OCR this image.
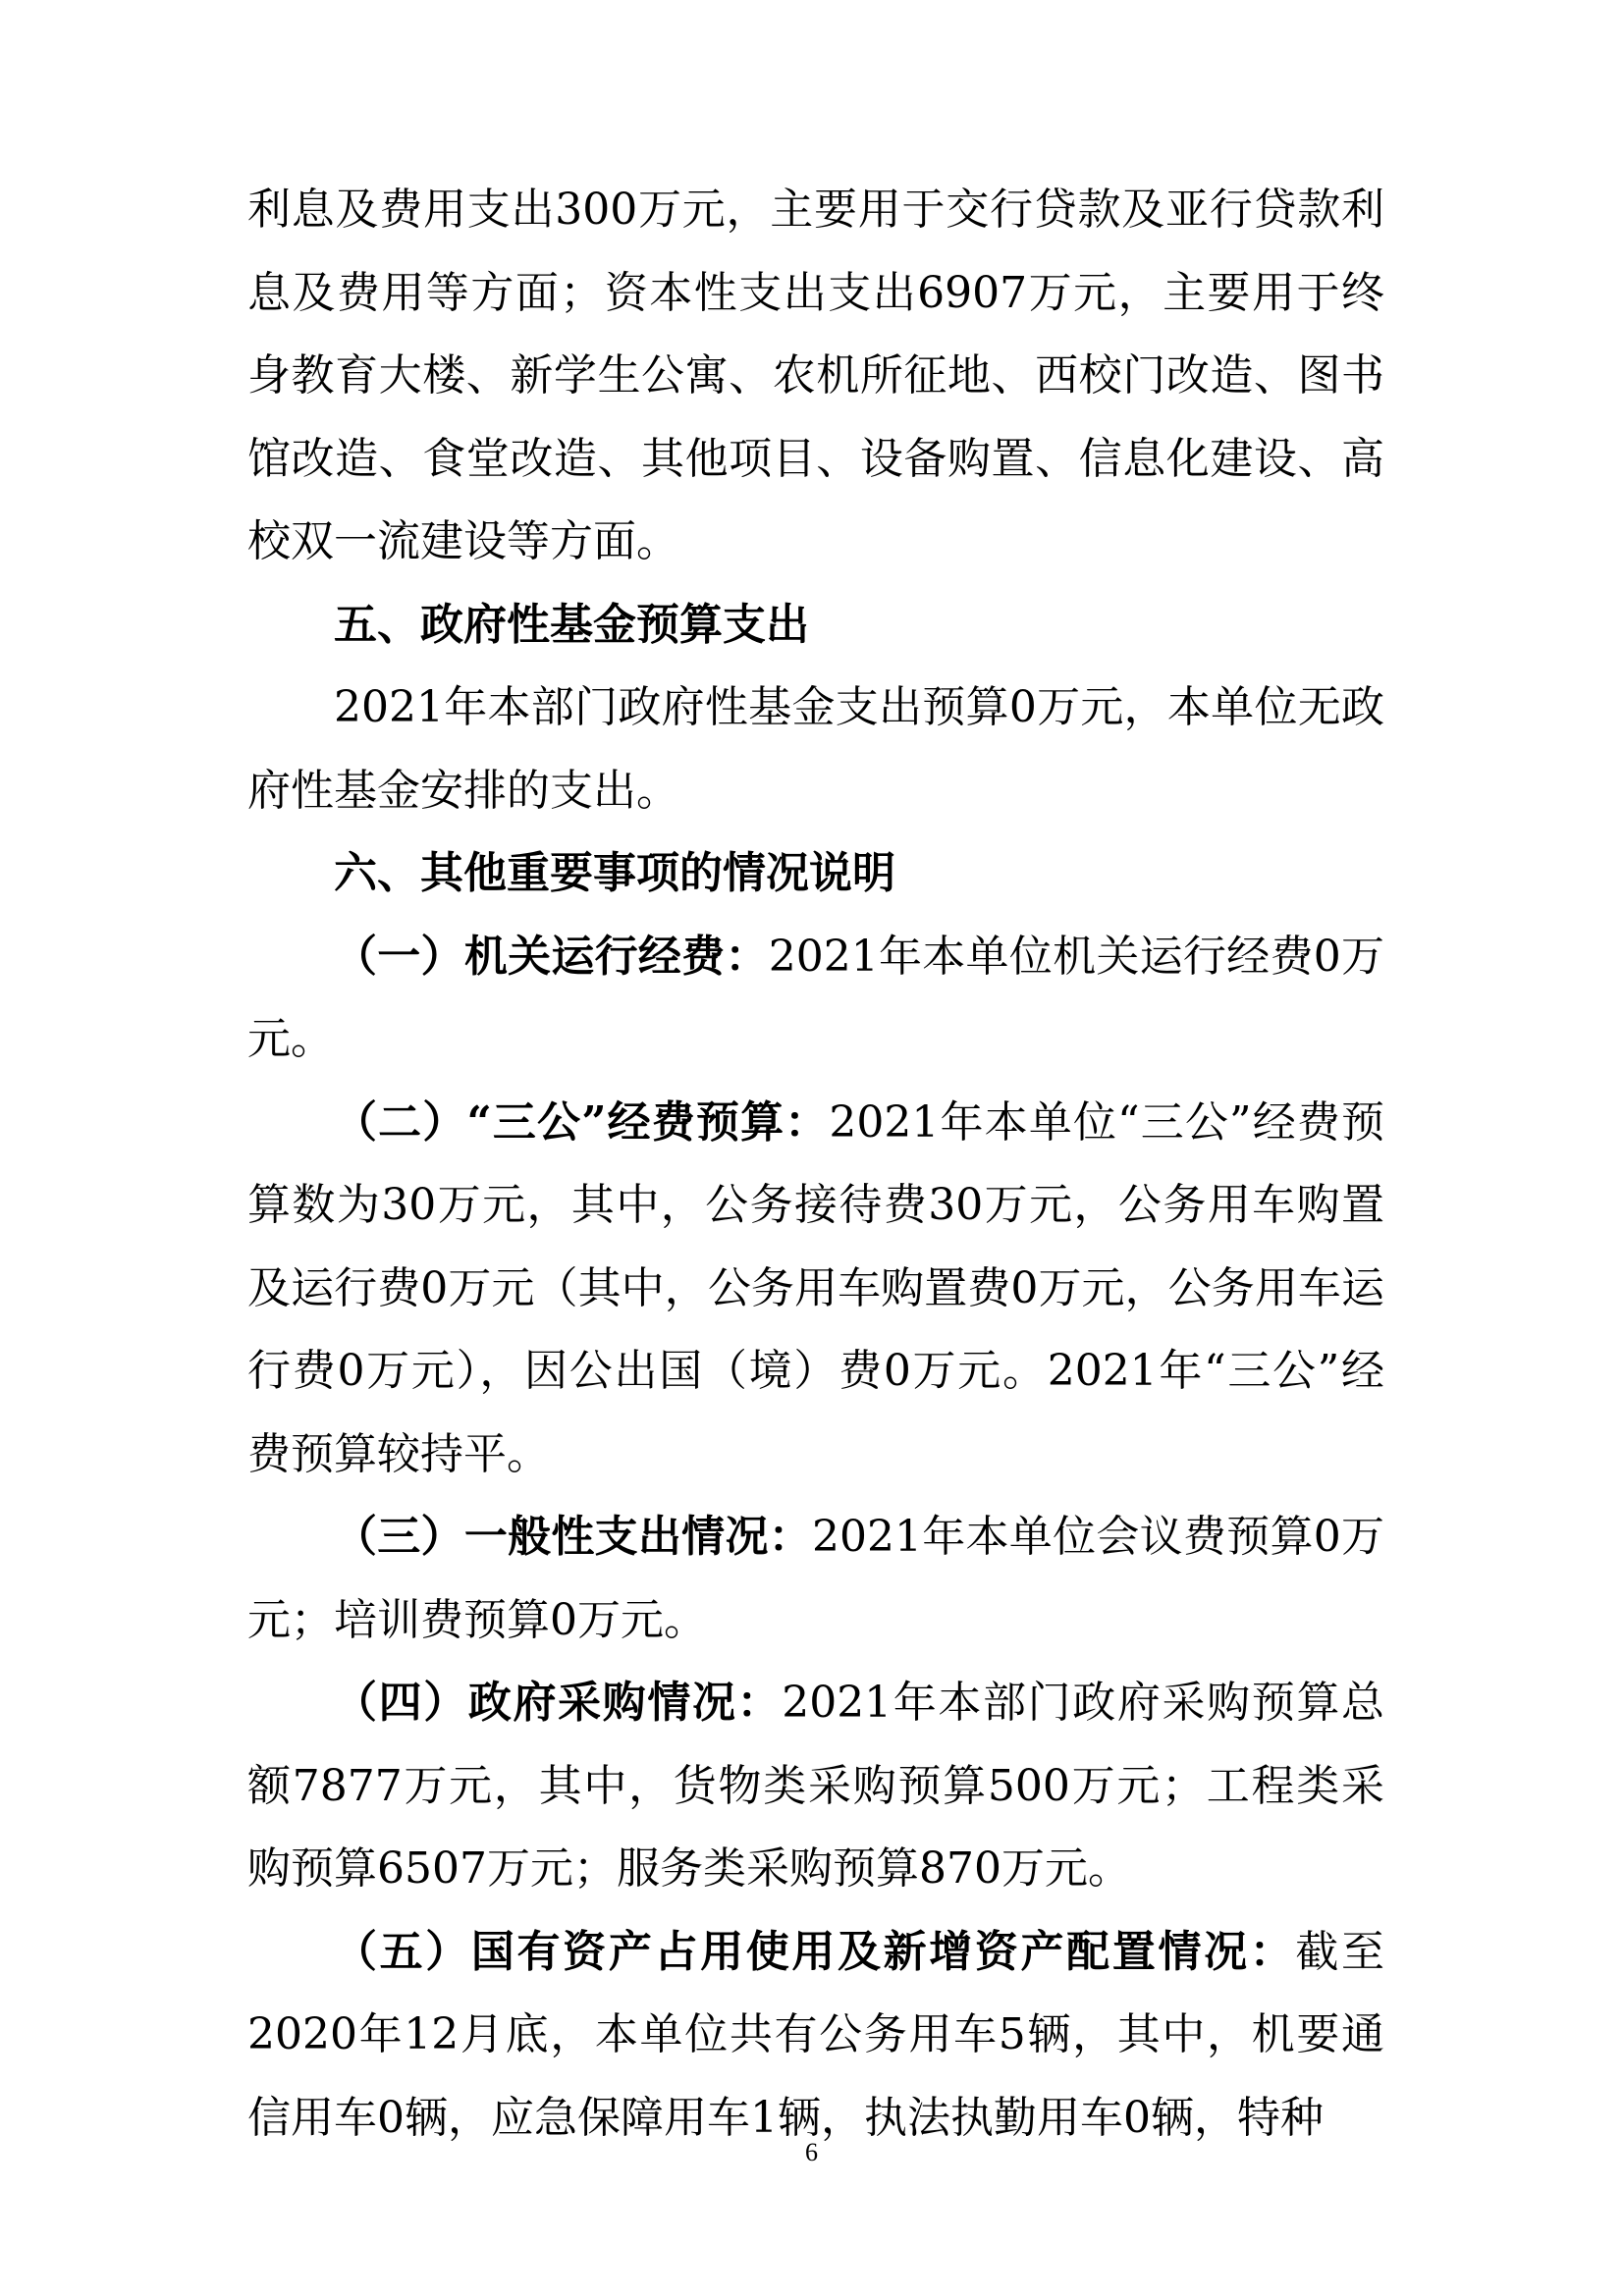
利息及费用支出300万元，主要用于交行贷款及亚行贷款利息及费用等方面；资本性支出支出6907万元，主要用于终身教育大楼、新学生公寓、农机所征地、西校门改造、图书馆改造、食堂改造、其他项目、设备购置、信息化建设、高校双一流建设等方面。

五、政府性基金预算支出

2021年本部门政府性基金支出预算0万元，本单位无政府性基金安排的支出。

六、其他重要事项的情况说明

（一）机关运行经费：2021年本单位机关运行经费0万元。

（二）“三公”经费预算：2021年本单位“三公”经费预算数为30万元，其中，公务接待费30万元，公务用车购置及运行费0万元（其中，公务用车购置费0万元，公务用车运行费0万元），因公出国（境）费0万元。2021年“三公”经费预算较持平。

（三）一般性支出情况：2021年本单位会议费预算0万元；培训费预算0万元。

（四）政府采购情况：2021年本部门政府采购预算总额7877万元，其中，货物类采购预算500万元；工程类采购预算6507万元；服务类采购预算870万元。

（五）国有资产占用使用及新增资产配置情况：截至2020年12月底，本单位共有公务用车5辆，其中，机要通信用车0辆，应急保障用车1辆，执法执勤用车0辆，特种

6
